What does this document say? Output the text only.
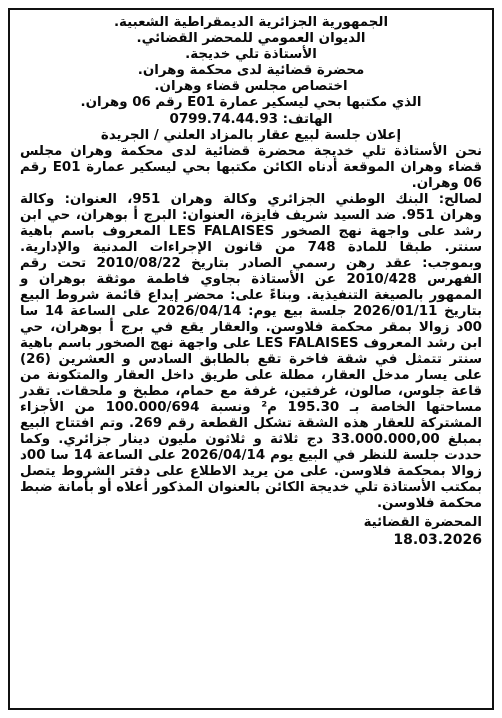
الجمهورية الجزائرية الديمقراطية الشعبية.

الديوان العمومي للمحضر القضائي.

الأستاذة تلي خديجة.

محضرة قضائية لدى محكمة وهران.

اختصاص مجلس قضاء وهران.

الذي مكتبها بحي ليسكير عمارة E01 رقم 06 وهران.

الهاتف: 0799.74.44.93

إعلان جلسة لبيع عقار بالمزاد العلني / الجريدة

نحن الأستاذة تلي خديجة محضرة قضائية لدى محكمة وهران مجلس قضاء وهران الموقعة أدناه الكائن مكتبها بحي ليسكير عمارة E01 رقم 06 وهران.

لصالح: البنك الوطني الجزائري وكالة وهران 951، العنوان: وكالة وهران 951. ضد السيد شريف فايزة، العنوان: البرج أ بوهران، حي ابن رشد على واجهة نهج الصخور LES FALAISES المعروف باسم باهية سنتر. طبقا للمادة 748 من قانون الإجراءات المدنية والإدارية. وبموجب: عقد رهن رسمي الصادر بتاريخ 2010/08/22 تحت رقم الفهرس 2010/428 عن الأستاذة بجاوي فاطمة موثقة بوهران و الممهور بالصيغة التنفيذية. وبناءً على: محضر إيداع قائمة شروط البيع بتاريخ 2026/01/11 جلسة بيع يوم: 2026/04/14 على الساعة 14 سا 00د زوالا بمقر محكمة فلاوسن. والعقار يقع في برج أ بوهران، حي ابن رشد المعروف LES FALAISES على واجهة نهج الصخور باسم باهية سنتر تتمثل في شقة فاخرة تقع بالطابق السادس و العشرين (26) على يسار مدخل العقار، مطلة على طريق داخل العقار والمتكونة من قاعة جلوس، صالون، غرفتين، غرفة مع حمام، مطبخ و ملحقات. تقدر مساحتها الخاصة بـ 195.30 م² ونسبة 100.000/694 من الأجزاء المشتركة للعقار هذه الشقة تشكل القطعة رقم 269. وتم افتتاح البيع بمبلغ 33.000.000,00 دج ثلاثة و ثلاثون مليون دينار جزائري. وكما حددت جلسة للنظر في البيع يوم 2026/04/14 على الساعة 14 سا 00د زوالا بمحكمة فلاوسن. على من يريد الاطلاع على دفتر الشروط يتصل بمكتب الأستاذة تلي خديجة الكائن بالعنوان المذكور أعلاه أو بأمانة ضبط محكمة فلاوسن.

المحضرة القضائية

18.03.2026
